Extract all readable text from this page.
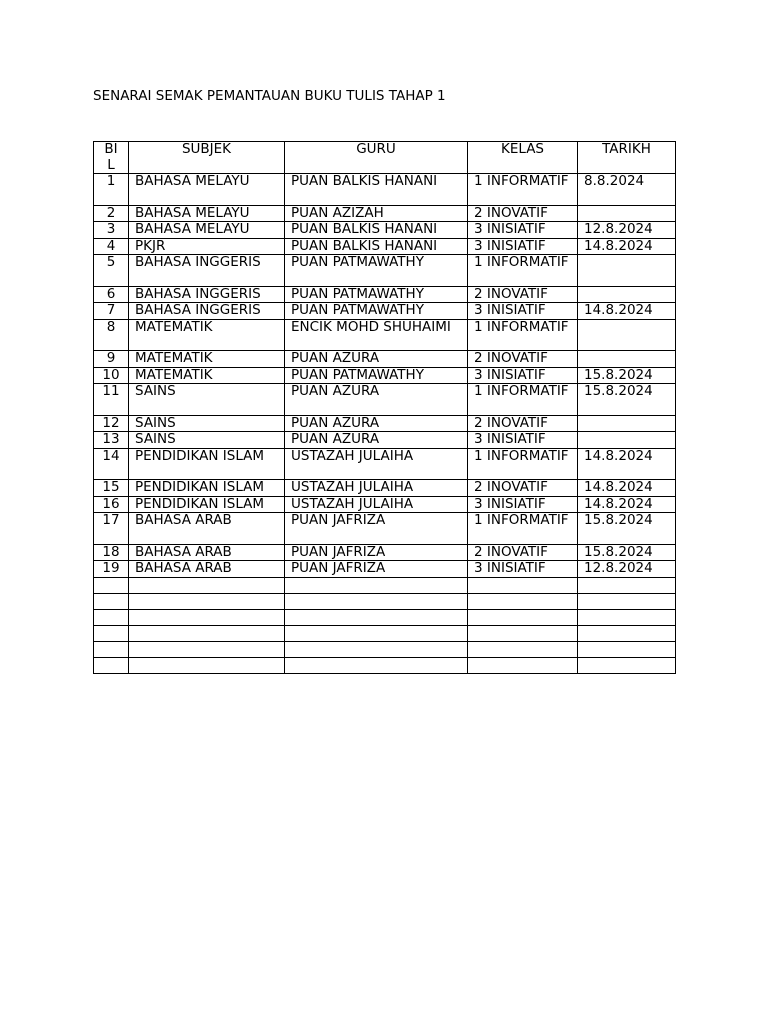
SENARAI SEMAK PEMANTAUAN BUKU TULIS TAHAP 1
BIL	SUBJEK	GURU	KELAS	TARIKH
1	BAHASA MELAYU	PUAN BALKIS HANANI	1 INFORMATIF	8.8.2024
2	BAHASA MELAYU	PUAN AZIZAH	2 INOVATIF	
3	BAHASA MELAYU	PUAN BALKIS HANANI	3 INISIATIF	12.8.2024
4	PKJR	PUAN BALKIS HANANI	3 INISIATIF	14.8.2024
5	BAHASA INGGERIS	PUAN PATMAWATHY	1 INFORMATIF	
6	BAHASA INGGERIS	PUAN PATMAWATHY	2 INOVATIF	
7	BAHASA INGGERIS	PUAN PATMAWATHY	3 INISIATIF	14.8.2024
8	MATEMATIK	ENCIK MOHD SHUHAIMI	1 INFORMATIF	
9	MATEMATIK	PUAN AZURA	2 INOVATIF	
10	MATEMATIK	PUAN PATMAWATHY	3 INISIATIF	15.8.2024
11	SAINS	PUAN AZURA	1 INFORMATIF	15.8.2024
12	SAINS	PUAN AZURA	2 INOVATIF	
13	SAINS	PUAN AZURA	3 INISIATIF	
14	PENDIDIKAN ISLAM	USTAZAH JULAIHA	1 INFORMATIF	14.8.2024
15	PENDIDIKAN ISLAM	USTAZAH JULAIHA	2 INOVATIF	14.8.2024
16	PENDIDIKAN ISLAM	USTAZAH JULAIHA	3 INISIATIF	14.8.2024
17	BAHASA ARAB	PUAN JAFRIZA	1 INFORMATIF	15.8.2024
18	BAHASA ARAB	PUAN JAFRIZA	2 INOVATIF	15.8.2024
19	BAHASA ARAB	PUAN JAFRIZA	3 INISIATIF	12.8.2024
